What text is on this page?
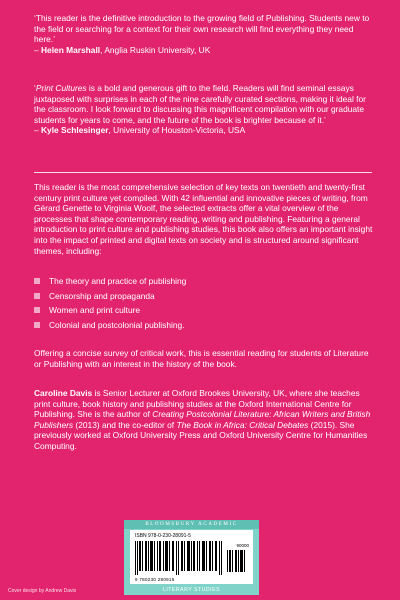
‘This reader is the definitive introduction to the growing field of Publishing. Students new to the field or searching for a context for their own research will find everything they need here.’

– Helen Marshall, Anglia Ruskin University, UK

‘Print Cultures is a bold and generous gift to the field. Readers will find seminal essays juxtaposed with surprises in each of the nine carefully curated sections, making it ideal for the classroom. I look forward to discussing this magnificent compilation with our graduate students for years to come, and the future of the book is brighter because of it.’

– Kyle Schlesinger, University of Houston-Victoria, USA

This reader is the most comprehensive selection of key texts on twentieth and twenty-first century print culture yet compiled. With 42 influential and innovative pieces of writing, from Gérard Genette to Virginia Woolf, the selected extracts offer a vital overview of the processes that shape contemporary reading, writing and publishing. Featuring a general introduction to print culture and publishing studies, this book also offers an important insight into the impact of printed and digital texts on society and is structured around significant themes, including:

The theory and practice of publishing
Censorship and propaganda
Women and print culture
Colonial and postcolonial publishing.

Offering a concise survey of critical work, this is essential reading for students of Literature or Publishing with an interest in the history of the book.

Caroline Davis is Senior Lecturer at Oxford Brookes University, UK, where she teaches print culture, book history and publishing studies at the Oxford International Centre for Publishing. She is the author of Creating Postcolonial Literature: African Writers and British Publishers (2013) and the co-editor of The Book in Africa: Critical Debates (2015). She previously worked at Oxford University Press and Oxford University Centre for Humanities Computing.

BLOOMSBURY ACADEMIC
ISBN 978-0-230-28091-5
90000
9 780230 280915
LITERARY STUDIES
Cover design by Andrew Davis
